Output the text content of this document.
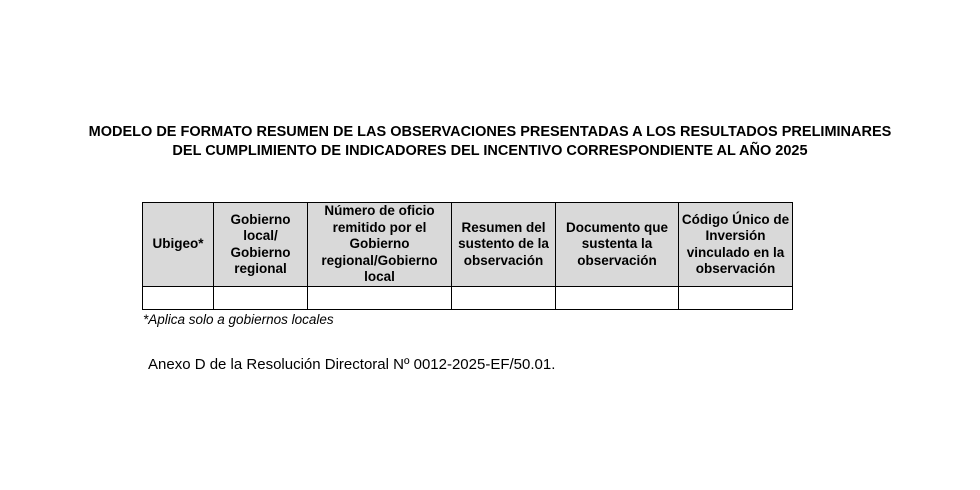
MODELO DE FORMATO RESUMEN DE LAS OBSERVACIONES PRESENTADAS A LOS RESULTADOS PRELIMINARES
DEL CUMPLIMIENTO DE INDICADORES DEL INCENTIVO CORRESPONDIENTE AL AÑO 2025
Ubigeo*	Gobierno local/ Gobierno regional	Número de oficio remitido por el Gobierno regional/Gobierno local	Resumen del sustento de la observación	Documento que sustenta la observación	Código Único de Inversión vinculado en la observación

*Aplica solo a gobiernos locales

Anexo D de la Resolución Directoral Nº 0012-2025-EF/50.01.
